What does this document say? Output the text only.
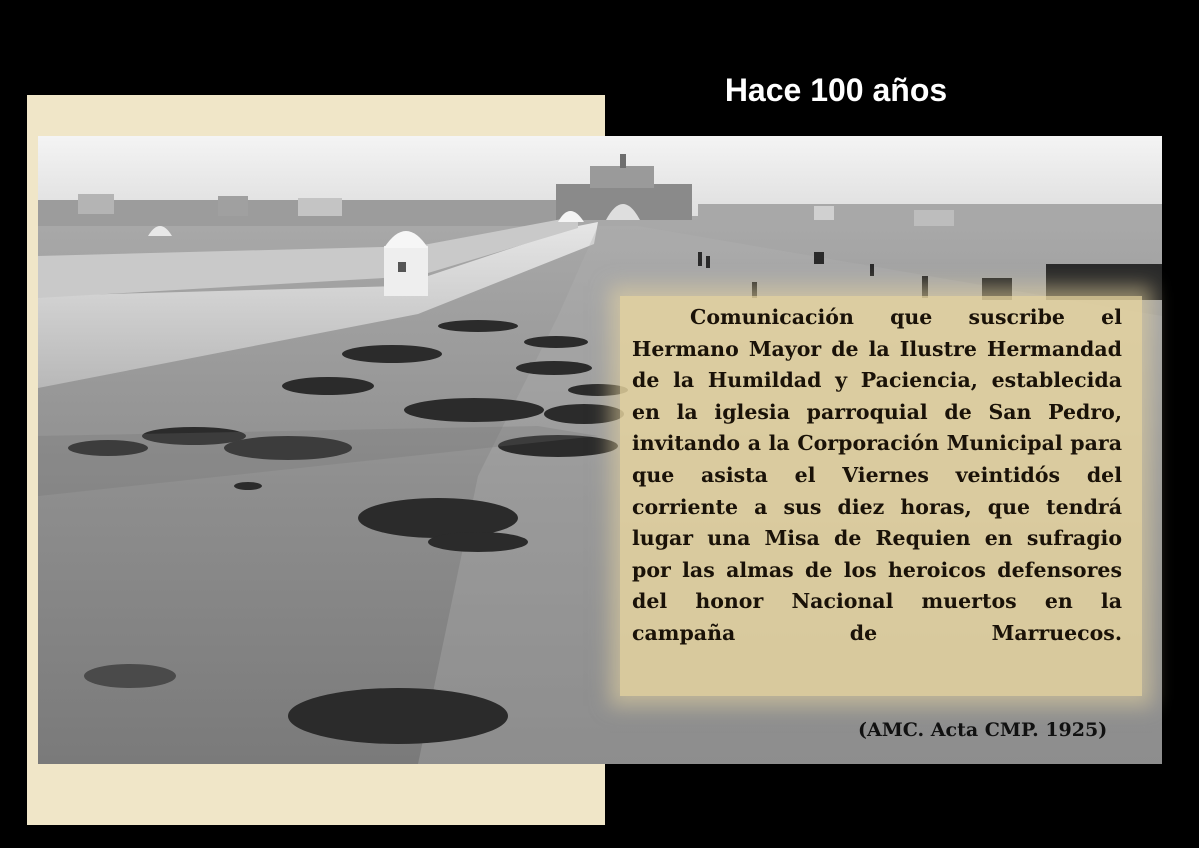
Hace 100 años

Comunicación que suscribe el Hermano Mayor de la Ilustre Hermandad de la Humildad y Paciencia, establecida en la iglesia parroquial de San Pedro, invitando a la Corporación Municipal para que asista el Viernes veintidós del corriente a sus diez horas, que tendrá lugar una Misa de Requien en sufragio por las almas de los heroicos defensores del honor Nacional muertos en la campaña de Marruecos.

(AMC. Acta CMP. 1925)
